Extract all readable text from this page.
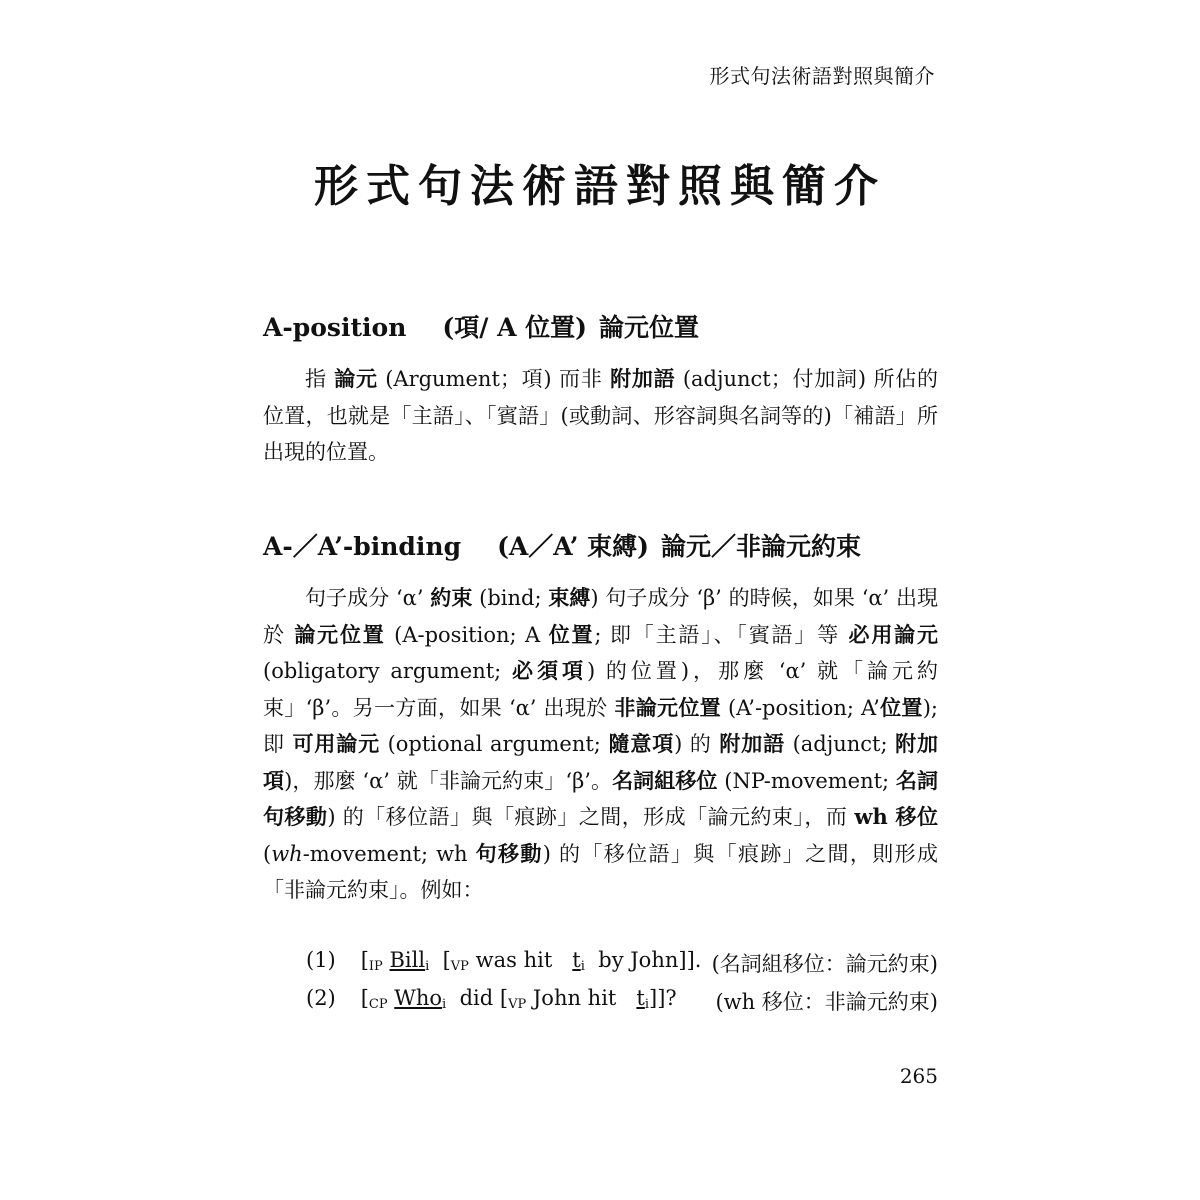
形式句法術語對照與簡介
形式句法術語對照與簡介
A-position (項/ A 位置) 論元位置
指 論元 (Argument；項) 而非 附加語 (adjunct；付加詞) 所佔的位置，也就是「主語」、「賓語」(或動詞、形容詞與名詞等的)「補語」所出現的位置。
A-／A’-binding (A／A’ 束縛) 論元／非論元約束
句子成分 ‘α’ 約束 (bind; 束縛) 句子成分 ‘β’ 的時候，如果 ‘α’ 出現於 論元位置 (A-position; A 位置; 即「主語」、「賓語」等 必用論元 (obligatory argument; 必須項) 的位置)，那麼 ‘α’ 就「論元約束」‘β’。另一方面，如果 ‘α’ 出現於 非論元位置 (A’-position; A’位置); 即 可用論元 (optional argument; 隨意項) 的 附加語 (adjunct; 附加項)，那麼 ‘α’ 就「非論元約束」‘β’。名詞組移位 (NP-movement; 名詞句移動) 的「移位語」與「痕跡」之間，形成「論元約束」，而 wh 移位 (wh-movement; wh 句移動) 的「移位語」與「痕跡」之間，則形成「非論元約束」。例如：
(1) [$_{IP}$ Bill$_i$ [$_{VP}$ was hit $t_i$ by John]]. (名詞組移位：論元約束)
(2) [$_{CP}$ Who$_i$ did [$_{VP}$ John hit $t_i$]]? (wh 移位：非論元約束)
265
